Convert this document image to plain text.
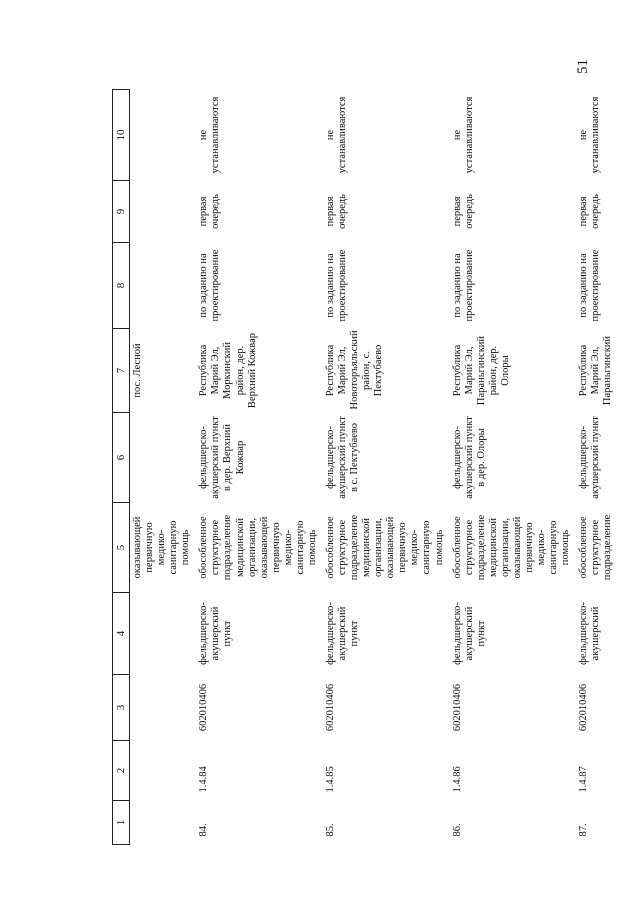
51
1	2	3	4	5	6	7	8	9	10
				оказывающей первичную медико-санитарную помощь		пос. Лесной			
84.	1.4.84	602010406	фельдшерско-акушерский пункт	обособленное структурное подразделение медицинской организации, оказывающей первичную медико-санитарную помощь	фельдшерско-акушерский пункт в дер. Верхний Кожвар	Республика Марий Эл, Моркинский район, дер. Верхний Кожвар	по заданию на проектирование	первая очередь	не устанавливаются
85.	1.4.85	602010406	фельдшерско-акушерский пункт	обособленное структурное подразделение медицинской организации, оказывающей первичную медико-санитарную помощь	фельдшерско-акушерский пункт в с. Пектубаево	Республика Марий Эл, Новоторъяльский район, с. Пектубаево	по заданию на проектирование	первая очередь	не устанавливаются
86.	1.4.86	602010406	фельдшерско-акушерский пункт	обособленное структурное подразделение медицинской организации, оказывающей первичную медико-санитарную помощь	фельдшерско-акушерский пункт в дер. Олоры	Республика Марий Эл, Параньгинский район, дер. Олоры	по заданию на проектирование	первая очередь	не устанавливаются
87.	1.4.87	602010406	фельдшерско-акушерский	обособленное структурное подразделение	фельдшерско-акушерский пункт	Республика Марий Эл, Параньгинский	по заданию на проектирование	первая очередь	не устанавливаются
